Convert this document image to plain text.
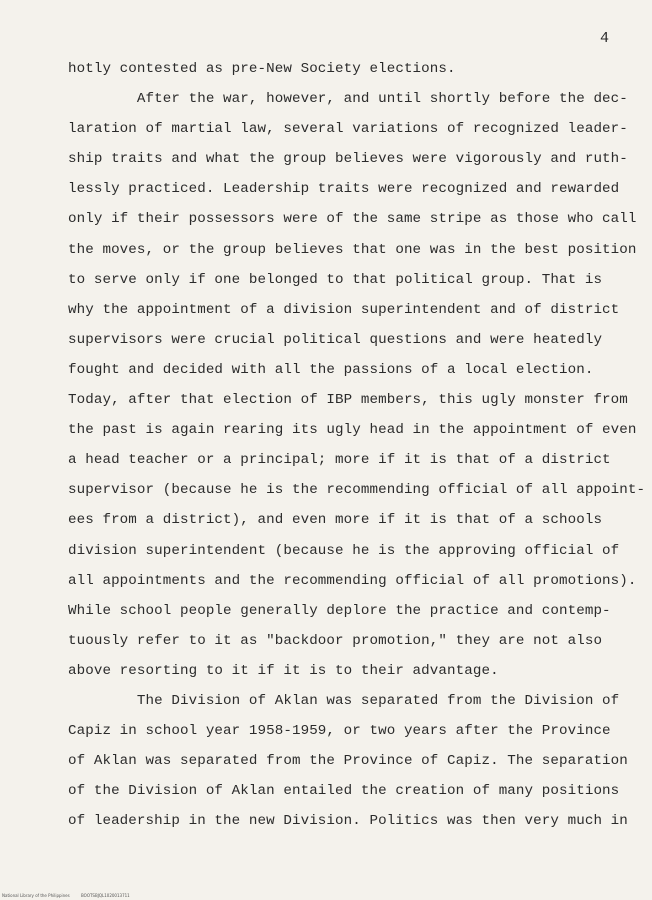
4
hotly contested as pre-New Society elections.
After the war, however, and until shortly before the dec-
laration of martial law, several variations of recognized leader-
ship traits and what the group believes were vigorously and ruth-
lessly practiced. Leadership traits were recognized and rewarded
only if their possessors were of the same stripe as those who call
the moves, or the group believes that one was in the best position
to serve only if one belonged to that political group. That is
why the appointment of a division superintendent and of district
supervisors were crucial political questions and were heatedly
fought and decided with all the passions of a local election.
Today, after that election of IBP members, this ugly monster from
the past is again rearing its ugly head in the appointment of even
a head teacher or a principal; more if it is that of a district
supervisor (because he is the recommending official of all appoint-
ees from a district), and even more if it is that of a schools
division superintendent (because he is the approving official of
all appointments and the recommending official of all promotions).
While school people generally deplore the practice and contemp-
tuously refer to it as "backdoor promotion," they are not also
above resorting to it if it is to their advantage.
The Division of Aklan was separated from the Division of
Capiz in school year 1958-1959, or two years after the Province
of Aklan was separated from the Province of Capiz. The separation
of the Division of Aklan entailed the creation of many positions
of leadership in the new Division. Politics was then very much in
National Library of the Philippines	BOOTSBJQL1020013711
